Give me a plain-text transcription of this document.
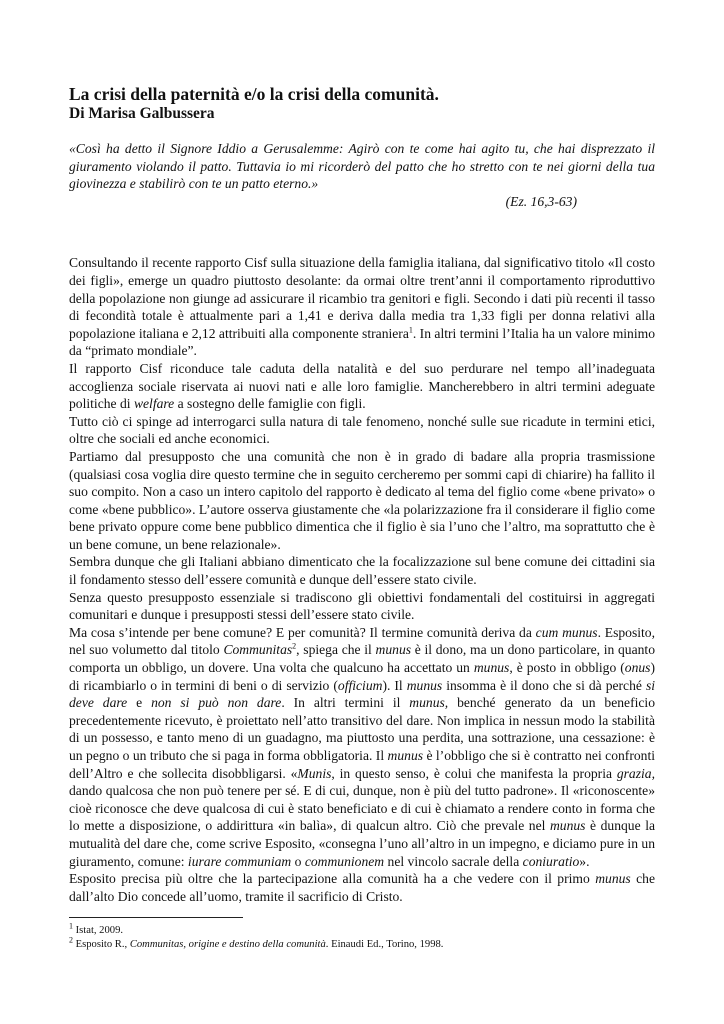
La crisi della paternità e/o la crisi della comunità.
Di Marisa Galbussera

«Così ha detto il Signore Iddio a Gerusalemme: Agirò con te come hai agito tu, che hai disprezzato il giuramento violando il patto. Tuttavia io mi ricorderò del patto che ho stretto con te nei giorni della tua giovinezza e stabilirò con te un patto eterno.»

(Ez. 16,3-63)

Consultando il recente rapporto Cisf sulla situazione della famiglia italiana, dal significativo titolo «Il costo dei figli», emerge un quadro piuttosto desolante: da ormai oltre trent’anni il comportamento riproduttivo della popolazione non giunge ad assicurare il ricambio tra genitori e figli. Secondo i dati più recenti il tasso di fecondità totale è attualmente pari a 1,41 e deriva dalla media tra 1,33 figli per donna relativi alla popolazione italiana e 2,12 attribuiti alla componente straniera$^1$. In altri termini l’Italia ha un valore minimo da “primato mondiale”.

Il rapporto Cisf riconduce tale caduta della natalità e del suo perdurare nel tempo all’inadeguata accoglienza sociale riservata ai nuovi nati e alle loro famiglie. Mancherebbero in altri termini adeguate politiche di welfare a sostegno delle famiglie con figli.

Tutto ciò ci spinge ad interrogarci sulla natura di tale fenomeno, nonché sulle sue ricadute in termini etici, oltre che sociali ed anche economici.

Partiamo dal presupposto che una comunità che non è in grado di badare alla propria trasmissione (qualsiasi cosa voglia dire questo termine che in seguito cercheremo per sommi capi di chiarire) ha fallito il suo compito. Non a caso un intero capitolo del rapporto è dedicato al tema del figlio come «bene privato» o come «bene pubblico». L’autore osserva giustamente che «la polarizzazione fra il considerare il figlio come bene privato oppure come bene pubblico dimentica che il figlio è sia l’uno che l’altro, ma soprattutto che è un bene comune, un bene relazionale».

Sembra dunque che gli Italiani abbiano dimenticato che la focalizzazione sul bene comune dei cittadini sia il fondamento stesso dell’essere comunità e dunque dell’essere stato civile.

Senza questo presupposto essenziale si tradiscono gli obiettivi fondamentali del costituirsi in aggregati comunitari e dunque i presupposti stessi dell’essere stato civile.

Ma cosa s’intende per bene comune? E per comunità? Il termine comunità deriva da cum munus. Esposito, nel suo volumetto dal titolo Communitas$^2$, spiega che il munus è il dono, ma un dono particolare, in quanto comporta un obbligo, un dovere. Una volta che qualcuno ha accettato un munus, è posto in obbligo (onus) di ricambiarlo o in termini di beni o di servizio (officium). Il munus insomma è il dono che si dà perché si deve dare e non si può non dare. In altri termini il munus, benché generato da un beneficio precedentemente ricevuto, è proiettato nell’atto transitivo del dare. Non implica in nessun modo la stabilità di un possesso, e tanto meno di un guadagno, ma piuttosto una perdita, una sottrazione, una cessazione: è un pegno o un tributo che si paga in forma obbligatoria. Il munus è l’obbligo che si è contratto nei confronti dell’Altro e che sollecita disobbligarsi. «Munis, in questo senso, è colui che manifesta la propria grazia, dando qualcosa che non può tenere per sé. E di cui, dunque, non è più del tutto padrone». Il «riconoscente» cioè riconosce che deve qualcosa di cui è stato beneficiato e di cui è chiamato a rendere conto in forma che lo mette a disposizione, o addirittura «in balìa», di qualcun altro. Ciò che prevale nel munus è dunque la mutualità del dare che, come scrive Esposito, «consegna l’uno all’altro in un impegno, e diciamo pure in un giuramento, comune: iurare communiam o communionem nel vincolo sacrale della coniuratio».

Esposito precisa più oltre che la partecipazione alla comunità ha a che vedere con il primo munus che dall’alto Dio concede all’uomo, tramite il sacrificio di Cristo.

$^1$ Istat, 2009.
$^2$ Esposito R., Communitas, origine e destino della comunità. Einaudi Ed., Torino, 1998.
